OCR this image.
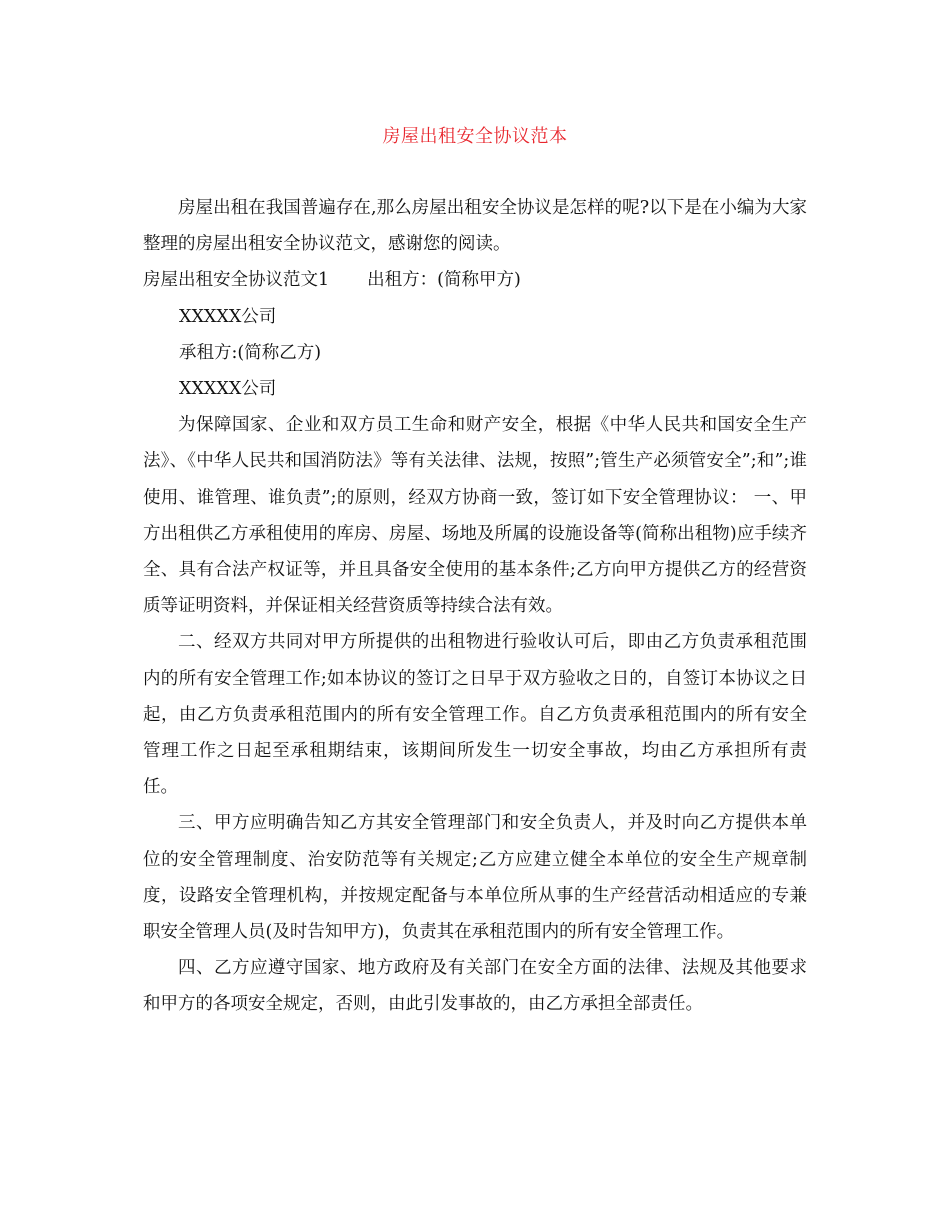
房屋出租安全协议范本

房屋出租在我国普遍存在,那么房屋出租安全协议是怎样的呢?以下是在小编为大家整理的房屋出租安全协议范文，感谢您的阅读。

房屋出租安全协议范文1 出租方：(简称甲方)

XXXXX公司

承租方:(简称乙方)

XXXXX公司

为保障国家、企业和双方员工生命和财产安全，根据《中华人民共和国安全生产法》、《中华人民共和国消防法》等有关法律、法规，按照”;管生产必须管安全”;和”;谁使用、谁管理、谁负责”;的原则，经双方协商一致，签订如下安全管理协议： 一、甲方出租供乙方承租使用的库房、房屋、场地及所属的设施设备等(简称出租物)应手续齐全、具有合法产权证等，并且具备安全使用的基本条件;乙方向甲方提供乙方的经营资质等证明资料，并保证相关经营资质等持续合法有效。

二、经双方共同对甲方所提供的出租物进行验收认可后，即由乙方负责承租范围内的所有安全管理工作;如本协议的签订之日早于双方验收之日的，自签订本协议之日起，由乙方负责承租范围内的所有安全管理工作。自乙方负责承租范围内的所有安全管理工作之日起至承租期结束，该期间所发生一切安全事故，均由乙方承担所有责任。

三、甲方应明确告知乙方其安全管理部门和安全负责人，并及时向乙方提供本单位的安全管理制度、治安防范等有关规定;乙方应建立健全本单位的安全生产规章制度，设路安全管理机构，并按规定配备与本单位所从事的生产经营活动相适应的专兼职安全管理人员(及时告知甲方)，负责其在承租范围内的所有安全管理工作。

四、乙方应遵守国家、地方政府及有关部门在安全方面的法律、法规及其他要求和甲方的各项安全规定，否则，由此引发事故的，由乙方承担全部责任。
